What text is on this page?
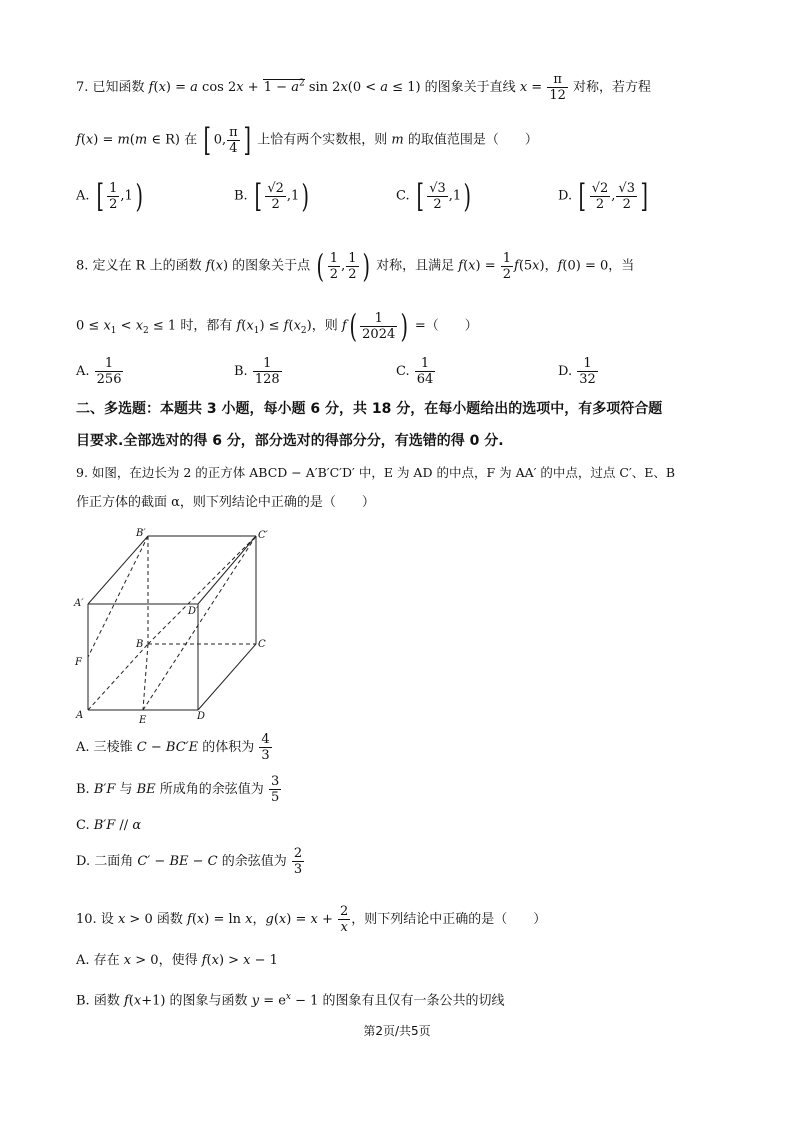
7. 已知函数 f(x) = a $\cos 2x + 1 - a^2$ sin 2x(0 < a ≤ 1) 的图象关于直线 $x = \frac{\pi}{12}$ 对称，若方程
f(x) = m(m ∈ R) 在 [ 0, $\frac{\pi}{4}$ ] 上恰有两个实数根，则 m 的取值范围是（　　）
A. [ $\frac{1}{2} ,1$)	B. [ $\frac{√2}{2} ,1$)	C. [ $\frac{√3}{2} ,1$)	D. [ $\frac{√2}{2}$ , $\frac{√3}{2}$ ]
8. 定义在 R 上的函数 f(x) 的图象关于点 ( $\frac{1}{2}$ , $\frac{1}{2}$ ) 对称，且满足 $f(x) = \frac{1}{2} f(5x)$，f(0) = 0，当
$0 \le x_1 < x_2 \le 1$ 时，都有 $f(x_1) \le f(x_2)$，则 $f( \frac{1}{2024}$ ) =（　　）
A. $\frac{1}{256}$	B. $\frac{1}{128}$	C. $\frac{1}{64}$	D. $\frac{1}{32}$
二、多选题：本题共 3 小题，每小题 6 分，共 18 分，在每小题给出的选项中，有多项符合题
目要求.全部选对的得 6 分，部分选对的得部分分，有选错的得 0 分.
9. 如图，在边长为 2 的正方体 ABCD − A′B′C′D′ 中，E 为 AD 的中点，F 为 AA′ 的中点，过点 C′、E、B
作正方体的截面 α，则下列结论中正确的是（　　）
B′	C′
A′
D′
B	C
F
A	E	D
A. 三棱锥 C − BC′E 的体积为 $\frac{4}{3}$
B. B′F 与 BE 所成角的余弦值为 $\frac{3}{5}$
C. B′F // α
D. 二面角 C′ − BE − C 的余弦值为 $\frac{2}{3}$
10. 设 x > 0 函数 f(x) = ln x，$g(x) = x + \frac{2}{x}$ ，则下列结论中正确的是（　　）
A. 存在 x > 0，使得 f(x) > x − 1
B. 函数 f(x+1) 的图象与函数 $y = e^x - 1$ 的图象有且仅有一条公共的切线
第2页/共5页
